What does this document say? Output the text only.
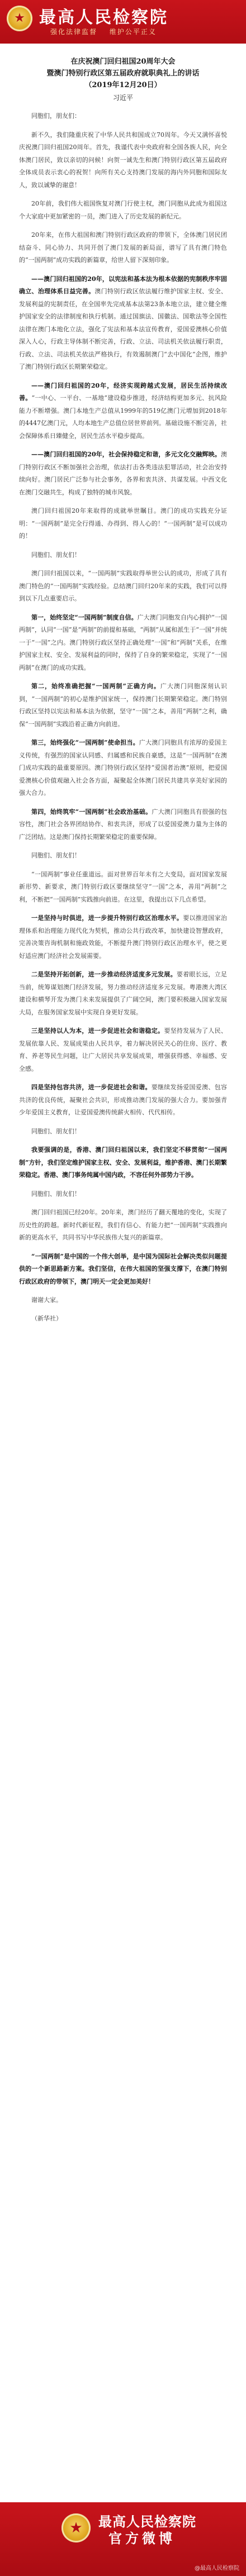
★ 最高人民检察院
强化法律监督 维护公平正义
在庆祝澳门回归祖国20周年大会
暨澳门特别行政区第五届政府就职典礼上的讲话
（2019年12月20日）
习近平

同胞们，朋友们：

新不久，我们隆重庆祝了中华人民共和国成立70周年。今天又满怀喜悦庆祝澳门回归祖国20周年。首先，我谨代表中央政府和全国各族人民，向全体澳门居民，致以亲切的问候！向贺一诚先生和澳门特别行政区第五届政府全体成员表示衷心的祝贺！向所有关心支持澳门发展的海内外同胞和国际友人，致以诚挚的谢意！

20年前，我们伟大祖国恢复对澳门行使主权，澳门同胞从此成为祖国这个大家庭中更加紧密的一员，澳门进入了历史发展的新纪元。

20年来，在伟大祖国和澳门特别行政区政府的带领下，全体澳门居民团结奋斗、同心协力、共同开创了澳门发展的新局面，谱写了具有澳门特色的“一国两制”成功实践的新篇章，给世人留下深刻印象。

——澳门回归祖国的20年，以宪法和基本法为根本依据的宪制秩序牢固确立、治理体系日益完善。澳门特别行政区依法履行维护国家主权、安全、发展利益的宪制责任，在全国率先完成基本法第23条本地立法，建立健全维护国家安全的法律制度和执行机制。通过国旗法、国徽法、国歌法等全国性法律在澳门本地化立法，强化了宪法和基本法宣传教育，爱国爱澳核心价值深入人心，行政主导体制不断完善，行政、立法、司法机关依法履行职责，行政、立法、司法机关依法严格执行，有效遏制澳门“去中国化”企图，维护了澳门特别行政区长期繁荣稳定。

——澳门回归祖国的20年，经济实现跨越式发展，居民生活持续改善。“一中心、一平台、一基地”建设稳步推进，经济结构更加多元、抗风险能力不断增强。澳门本地生产总值从1999年的519亿澳门元增加到2018年的4447亿澳门元，人均本地生产总值位居世界前列。基础设施不断完善，社会保障体系日臻健全，居民生活水平稳步提高。

——澳门回归祖国的20年，社会保持稳定和谐，多元文化交融辉映。澳门特别行政区不断加强社会治理，依法打击各类违法犯罪活动，社会治安持续向好。澳门居民广泛参与社会事务，各界和衷共济、共谋发展。中西文化在澳门交融共生，构成了独特的城市风貌。

澳门回归祖国20年来取得的成就举世瞩目。澳门的成功实践充分证明：“一国两制”是完全行得通、办得到、得人心的！“一国两制”是可以成功的！

同胞们、朋友们！

澳门回归祖国以来，“一国两制”实践取得举世公认的成功，形成了具有澳门特色的“一国两制”实践经验。总结澳门回归20年来的实践，我们可以得到以下几点重要启示。

第一，始终坚定“一国两制”制度自信。广大澳门同胞发自内心拥护“一国两制”，认同“一国”是“两制”的前提和基础，“两制”从属和派生于“一国”并统一于“一国”之内。澳门特别行政区坚持正确处理“一国”和“两制”关系，在维护国家主权、安全、发展利益的同时，保持了自身的繁荣稳定，实现了“一国两制”在澳门的成功实践。

第二，始终准确把握“一国两制”正确方向。广大澳门同胞深刻认识到，“一国两制”的初心是维护国家统一，保持澳门长期繁荣稳定。澳门特别行政区坚持以宪法和基本法为依据，坚守“一国”之本，善用“两制”之利，确保“一国两制”实践沿着正确方向前进。

第三，始终强化“一国两制”使命担当。广大澳门同胞具有浓厚的爱国主义传统，有强烈的国家认同感、归属感和民族自豪感，这是“一国两制”在澳门成功实践的最重要原因。澳门特别行政区坚持“爱国者治澳”原则，把爱国爱澳核心价值观融入社会各方面，凝聚起全体澳门居民共建共享美好家园的强大合力。

第四，始终筑牢“一国两制”社会政治基础。广大澳门同胞具有很强的包容性，澳门社会各界团结协作、和衷共济，形成了以爱国爱澳力量为主体的广泛团结。这是澳门保持长期繁荣稳定的重要保障。

同胞们、朋友们！

“一国两制”事业任重道远。面对世界百年未有之大变局，面对国家发展新形势、新要求，澳门特别行政区要继续坚守“一国”之本，善用“两制”之利，不断把“一国两制”实践推向前进。在这里，我提出以下几点希望。

一是坚持与时俱进，进一步提升特别行政区治理水平。要以推进国家治理体系和治理能力现代化为契机，推动公共行政改革，加快建设智慧政府，完善决策咨询机制和施政效能，不断提升澳门特别行政区治理水平，使之更好适应澳门经济社会发展需要。

二是坚持开拓创新，进一步推动经济适度多元发展。要着眼长远，立足当前，统筹谋划澳门经济发展，努力推动经济适度多元发展。粤港澳大湾区建设和横琴开发为澳门未来发展提供了广阔空间，澳门要积极融入国家发展大局，在服务国家发展中实现自身更好发展。

三是坚持以人为本，进一步促进社会和谐稳定。要坚持发展为了人民、发展依靠人民、发展成果由人民共享，着力解决居民关心的住房、医疗、教育、养老等民生问题，让广大居民共享发展成果，增强获得感、幸福感、安全感。

四是坚持包容共济，进一步促进社会和谐。要继续发扬爱国爱澳、包容共济的优良传统，凝聚社会共识，形成推动澳门发展的强大合力。要加强青少年爱国主义教育，让爱国爱澳传统薪火相传、代代相传。

同胞们、朋友们！

我要强调的是，香港、澳门回归祖国以来，我们坚定不移贯彻“一国两制”方针，我们坚定维护国家主权、安全、发展利益，维护香港、澳门长期繁荣稳定。香港、澳门事务纯属中国内政，不容任何外部势力干涉。

同胞们、朋友们！

澳门回归祖国已经20年。20年来，澳门经历了翻天覆地的变化，实现了历史性的跨越。新时代新征程，我们有信心、有能力把“一国两制”实践推向新的更高水平，共同书写中华民族伟大复兴的新篇章。

“一国两制”是中国的一个伟大创举，是中国为国际社会解决类似问题提供的一个新思路新方案。我们坚信，在伟大祖国的坚强支撑下，在澳门特别行政区政府的带领下，澳门明天一定会更加美好！

谢谢大家。

（新华社）
★ 最高人民检察院
官方微博
@最高人民检察院
